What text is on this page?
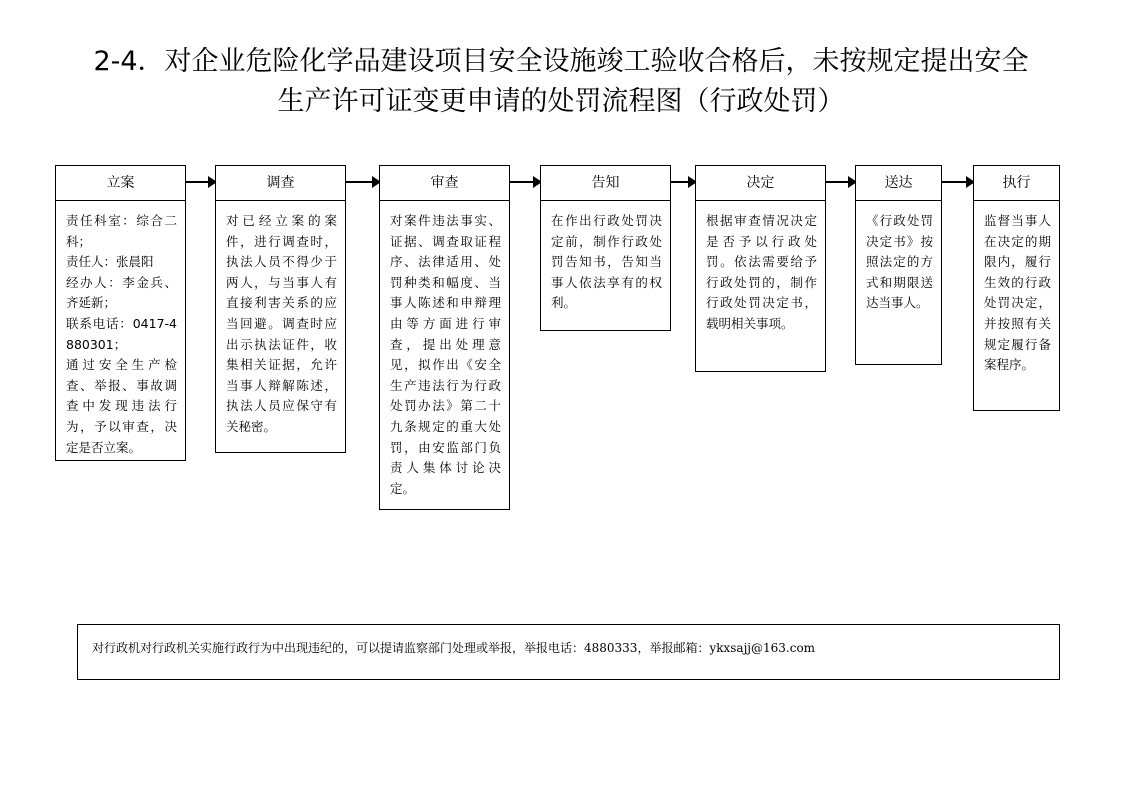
2-4．对企业危险化学品建设项目安全设施竣工验收合格后，未按规定提出安全
生产许可证变更申请的处罚流程图（行政处罚）
立案
责任科室：综合二科；
责任人：张晨阳
经办人：李金兵、齐延新；
联系电话：0417-4880301；
通过安全生产检查、举报、事故调查中发现违法行为，予以审查，决定是否立案。
调查
对已经立案的案件，进行调查时，执法人员不得少于两人，与当事人有直接利害关系的应当回避。调查时应出示执法证件，收集相关证据，允许当事人辩解陈述，执法人员应保守有关秘密。
审查
对案件违法事实、证据、调查取证程序、法律适用、处罚种类和幅度、当事人陈述和申辩理由等方面进行审查，提出处理意见，拟作出《安全生产违法行为行政处罚办法》第二十九条规定的重大处罚，由安监部门负责人集体讨论决定。
告知
在作出行政处罚决定前，制作行政处罚告知书，告知当事人依法享有的权利。
决定
根据审查情况决定是否予以行政处罚。依法需要给予行政处罚的，制作行政处罚决定书，载明相关事项。
送达
《行政处罚决定书》按照法定的方式和期限送达当事人。
执行
监督当事人在决定的期限内，履行生效的行政处罚决定，并按照有关规定履行备案程序。
对行政机对行政机关实施行政行为中出现违纪的，可以提请监察部门处理或举报，举报电话：4880333，举报邮箱：ykxsajj@163.com
